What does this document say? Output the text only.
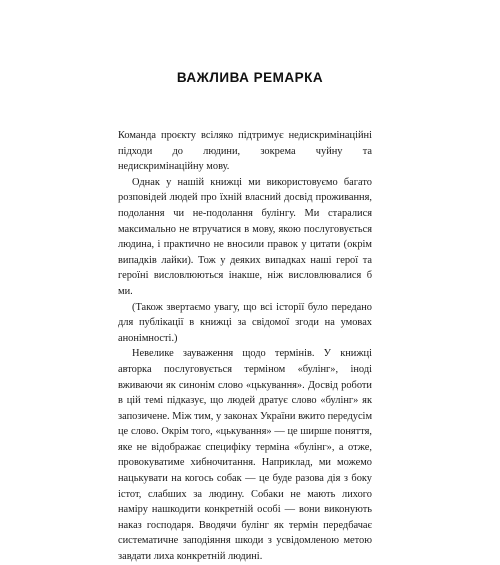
ВАЖЛИВА РЕМАРКА

Команда проєкту всіляко підтримує недискримінаційні підходи до людини, зокрема чуйну та недискримінаційну мову.

Однак у нашій книжці ми використовуємо багато розповідей людей про їхній власний досвід проживання, подолання чи не-подолання булінгу. Ми старалися максимально не втручатися в мову, якою послуговується людина, і практично не вносили правок у цитати (окрім випадків лайки). Тож у деяких випадках наші герої та героїні висловлюються інакше, ніж висловлювалися б ми.

(Також звертаємо увагу, що всі історії було передано для публікації в книжці за свідомої згоди на умовах анонімності.)

Невелике зауваження щодо термінів. У книжці авторка послуговується терміном «булінг», іноді вживаючи як синонім слово «цькування». Досвід роботи в цій темі підказує, що людей дратує слово «булінг» як запозичене. Між тим, у законах України вжито передусім це слово. Окрім того, «цькування» — це ширше поняття, яке не відображає специфіку терміна «булінг», а отже, провокуватиме хибночитання. Наприклад, ми можемо нацькувати на когось собак — це буде разова дія з боку істот, слабших за людину. Собаки не мають лихого наміру нашкодити конкретній особі — вони виконують наказ господаря. Вводячи булінг як термін передбачає систематичне заподіяння шкоди з усвідомленою метою завдати лиха конкретній людині.
